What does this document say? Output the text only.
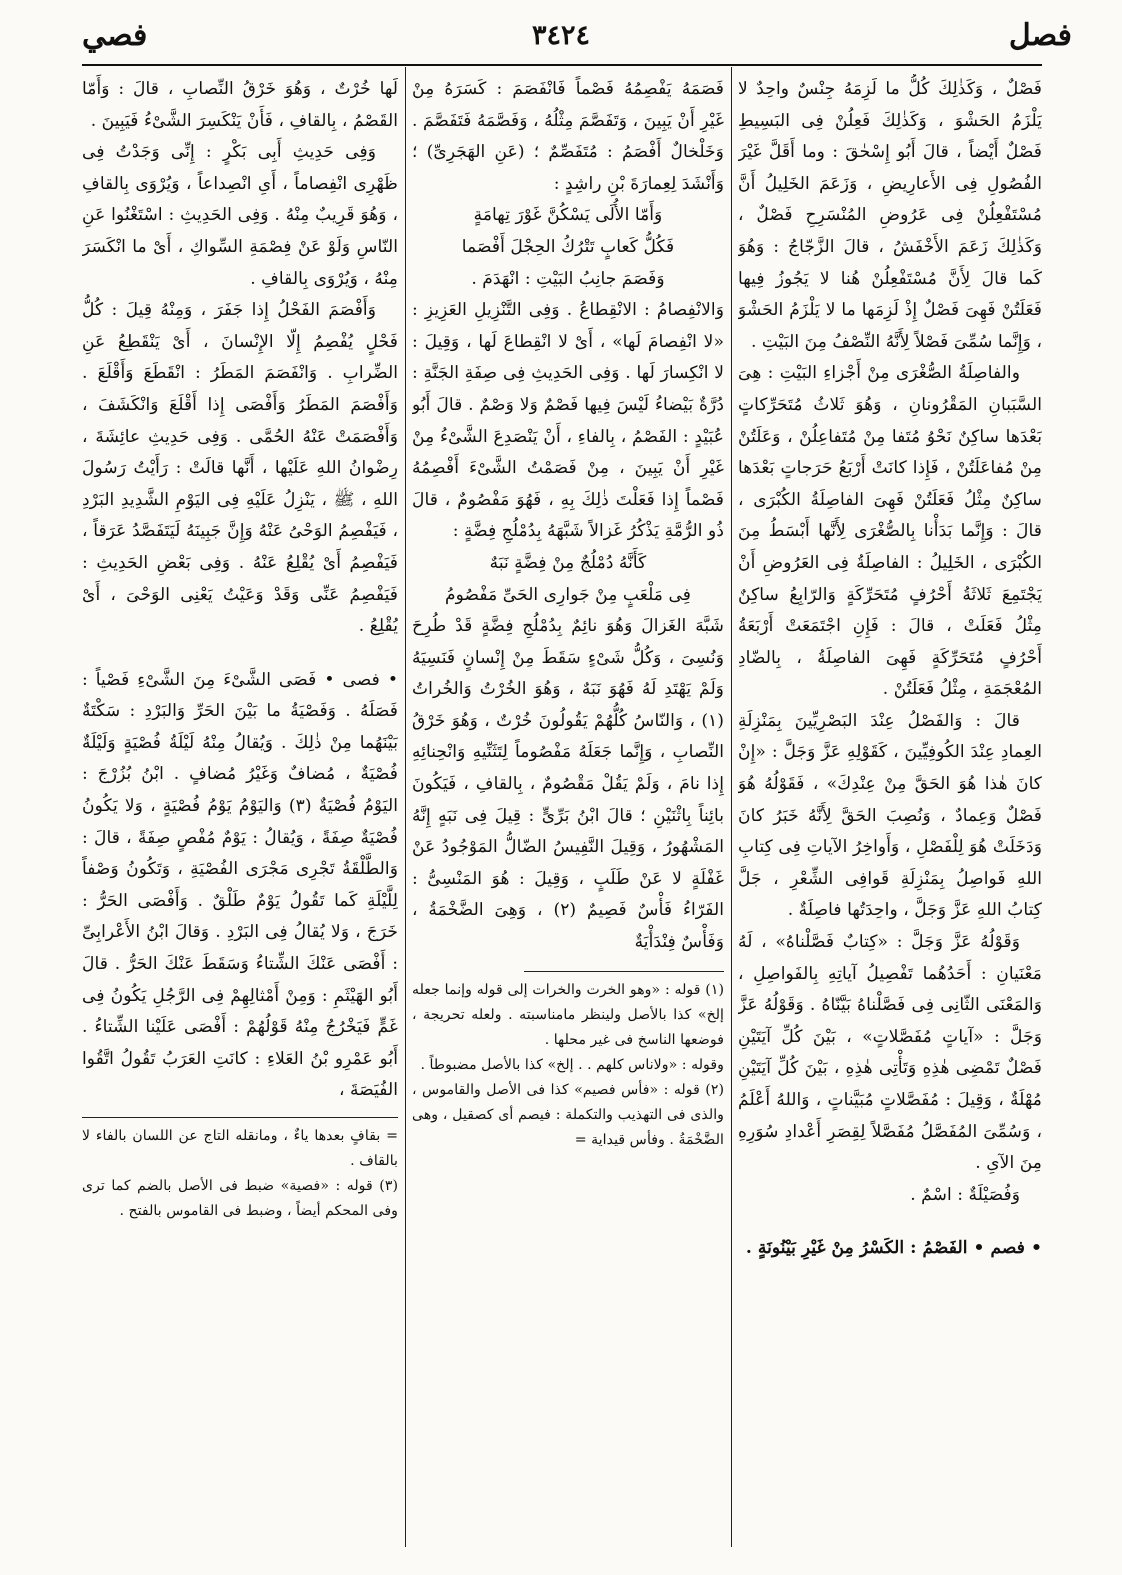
فصل
٣٤٢٤
فصي

فَصْلٌ ، وَكَذٰلِكَ كُلُّ ما لَزِمَهُ جِنْسٌ واحِدٌ لا يَلْزَمُ الحَشْوَ ، وَكَذٰلِكَ فَعِلُنْ فِى البَسِيطِ فَصْلٌ أَيْضاً ، قالَ أَبُو إِسْحٰقَ : وما أَقَلَّ غَيْرَ الفُصُولِ فِى الأَعارِيضِ ، وَزَعَمَ الخَلِيلُ أَنَّ مُسْتَفْعِلُنْ فِى عَرُوضِ المُنْسَرِحِ فَصْلٌ ، وَكَذٰلِكَ زَعَمَ الأَخْفَشُ ، قالَ الزَّجّاجُ : وَهُوَ كَما قالَ لِأَنَّ مُسْتَفْعِلُنْ هُنا لا يَجُوزُ فِيها فَعَلَتُنْ فَهِىَ فَصْلٌ إِذْ لَزِمَها ما لا يَلْزَمُ الحَشْوَ ، وَإِنَّما سُمِّىَ فَصْلاً لِأَنَّهُ النِّصْفُ مِنَ البَيْتِ .

والفاصِلَةُ الصُّغْرَى مِنْ أَجْزاءِ البَيْتِ : هِىَ السَّبَبانِ المَقْرُونانِ ، وَهُوَ ثَلاثُ مُتَحَرِّكاتٍ بَعْدَها ساكِنٌ نَحْوُ مُتَفا مِنْ مُتَفاعِلُنْ ، وَعَلَتُنْ مِنْ مُفاعَلَتُنْ ، فَإِذا كانَتْ أَرْبَعُ حَرَجاتٍ بَعْدَها ساكِنٌ مِثْلُ فَعَلَتُنْ فَهِىَ الفاصِلَةُ الكُبْرَى ، قالَ : وَإِنَّما بَدَأْنا بِالصُّغْرَى لِأَنَّها أَبْسَطُ مِنَ الكُبْرَى ، الخَلِيلُ : الفاصِلَةُ فِى العَرُوضِ أَنْ يَجْتَمِعَ ثَلاثَةُ أَحْرُفٍ مُتَحَرِّكَةٍ وَالرّابِعُ ساكِنٌ مِثْلُ فَعَلَتْ ، قالَ : فَإِنِ اجْتَمَعَتْ أَرْبَعَةُ أَحْرُفٍ مُتَحَرِّكَةٍ فَهِىَ الفاصِلَةُ ، بِالضّادِ المُعْجَمَةِ ، مِثْلُ فَعَلَتُنْ .

قالَ : وَالفَصْلُ عِنْدَ البَصْرِيِّينَ بِمَنْزِلَةِ العِمادِ عِنْدَ الكُوفِيِّينَ ، كَقَوْلِهِ عَزَّ وَجَلَّ : «إِنْ كانَ هٰذا هُوَ الحَقَّ مِنْ عِنْدِكَ» ، فَقَوْلُهُ هُوَ فَصْلٌ وَعِمادٌ ، وَنُصِبَ الحَقَّ لِأَنَّهُ خَبَرُ كانَ وَدَخَلَتْ هُوَ لِلْفَصْلِ ، وَأَواخِرُ الآياتِ فِى كِتابِ اللهِ فَواصِلُ بِمَنْزِلَةِ قَوافِى الشِّعْرِ ، جَلَّ كِتابُ اللهِ عَزَّ وَجَلَّ ، واحِدَتُها فاصِلَةٌ .

وَقَوْلُهُ عَزَّ وَجَلَّ : «كِتابٌ فَصَّلْناهُ» ، لَهُ مَعْنَيانِ : أَحَدُهُما تَفْصِيلُ آياتِهِ بِالفَواصِلِ ، وَالمَعْنَى الثّانِى فِى فَصَّلْناهُ بَيَّنّاهُ . وَقَوْلُهُ عَزَّ وَجَلَّ : «آياتٍ مُفَصَّلاتٍ» ، بَيْنَ كُلِّ آيَتَيْنِ فَصْلٌ تَمْضِى هٰذِهِ وَتَأْتِى هٰذِهِ ، بَيْنَ كُلِّ آيَتَيْنِ مُهْلَةٌ ، وَقِيلَ : مُفَصَّلاتٍ مُبَيَّناتٍ ، وَاللهُ أَعْلَمُ ، وَسُمِّىَ المُفَصَّلُ مُفَصَّلاً لِقِصَرِ أَعْدادِ سُوَرِهِ مِنَ الآىِ .

وَفُصَيْلَةٌ : اسْمٌ .

• فصم • الفَصْمُ : الكَسْرُ مِنْ غَيْرِ بَيْنُونَةٍ .

فَصَمَهُ يَفْصِمُهُ فَصْماً فَانْفَصَمَ : كَسَرَهُ مِنْ غَيْرِ أَنْ يَبِينَ ، وَتَفَصَّمَ مِثْلُهُ ، وَفَصَّمَهُ فَتَفَصَّمَ . وَخَلْخالٌ أَفْصَمُ : مُتَفَصِّمٌ ؛ (عَنِ الهَجَرِىِّ) ؛ وَأَنْشَدَ لِعِمارَةَ بْنِ راشِدٍ :

وَأَمّا الأُلَى يَسْكُنَّ غَوْرَ تِهامَةٍ

فَكُلُّ كَعابٍ تَتْرُكُ الحِجْلَ أَفْصَما

وَفَصَمَ جانِبُ البَيْتِ : انْهَدَمَ .

وَالانْفِصامُ : الانْقِطاعُ . وَفِى التَّنْزِيلِ العَزِيزِ : «لا انْفِصامَ لَها» ، أَىْ لا انْقِطاعَ لَها ، وَقِيلَ : لا انْكِسارَ لَها . وَفِى الحَدِيثِ فِى صِفَةِ الجَنَّةِ : دُرَّةٌ بَيْضاءُ لَيْسَ فِيها فَصْمٌ وَلا وَصْمٌ . قالَ أَبُو عُبَيْدٍ : الفَصْمُ ، بِالفاءِ ، أَنْ يَنْصَدِعَ الشَّىْءُ مِنْ غَيْرِ أَنْ يَبِينَ ، مِنْ فَصَمْتُ الشَّىْءَ أَفْصِمُهُ فَصْماً إِذا فَعَلْتَ ذٰلِكَ بِهِ ، فَهُوَ مَفْصُومٌ ، قالَ ذُو الرُّمَّةِ يَذْكُرُ غَزالاً شَبَّهَهُ بِدُمْلُجِ فِضَّةٍ :

كَأَنَّهُ دُمْلُجٌ مِنْ فِضَّةٍ نَبَهٌ

فِى مَلْعَبٍ مِنْ جَوارِى الحَىِّ مَفْصُومُ

شَبَّهَ الغَزالَ وَهُوَ نائِمٌ بِدُمْلُجِ فِضَّةٍ قَدْ طُرِحَ وَنُسِىَ ، وَكُلُّ شَىْءٍ سَقَطَ مِنْ إِنْسانٍ فَنَسِيَهُ وَلَمْ يَهْتَدِ لَهُ فَهُوَ نَبَهٌ ، وَهُوَ الخُرْتُ وَالخُراتُ (١) ، وَالنّاسُ كُلُّهُمْ يَقُولُونَ خُرْتٌ ، وَهُوَ خَرْقُ النِّصابِ ، وَإِنَّما جَعَلَهُ مَفْصُوماً لِتَثَنِّيهِ وَانْحِنائِهِ إِذا نامَ ، وَلَمْ يَقُلْ مَقْصُومٌ ، بِالقافِ ، فَيَكُونَ بائِناً بِاثْنَيْنِ ؛ قالَ ابْنُ بَرِّىٍّ : قِيلَ فِى نَبَهٍ إِنَّهُ المَشْهُورُ ، وَقِيلَ النَّفِيسُ الضّالُّ المَوْجُودُ عَنْ غَفْلَةٍ لا عَنْ طَلَبٍ ، وَقِيلَ : هُوَ المَنْسِىُّ : الفَرّاءُ فَأْسٌ فَصِيمٌ (٢) ، وَهِىَ الضَّخْمَةُ ، وَفَأْسٌ فِنْدَأْيَةٌ

(١) قوله : «وهو الخرت والخرات إلى قوله وإنما جعله إلخ» كذا بالأصل ولينظر مامناسبته . ولعله تحريجة ، فوضعها الناسخ فى غير محلها .

وقوله : «ولاناس كلهم . . إلخ» كذا بالأصل مضبوطاً .

(٢) قوله : «فأس فصيم» كذا فى الأصل والقاموس ، والذى فى التهذيب والتكملة : فيصم أى كصقيل ، وهى الضَّخْمَةُ . وفأس قيداية =

لَها خُرْتٌ ، وَهُوَ خَرْقُ النِّصابِ ، قالَ : وَأَمّا القَصْمُ ، بِالقافِ ، فَأَنْ يَنْكَسِرَ الشَّىْءُ فَيَبِينَ .

وَفِى حَدِيثِ أَبِى بَكْرٍ : إِنِّى وَجَدْتُ فِى ظَهْرِى انْفِصاماً ، أَىِ انْصِداعاً ، وَيُرْوَى بِالقافِ ، وَهُوَ قَرِيبٌ مِنْهُ . وَفِى الحَدِيثِ : اسْتَغْنُوا عَنِ النّاسِ وَلَوْ عَنْ فِصْمَةِ السِّواكِ ، أَىْ ما انْكَسَرَ مِنْهُ ، وَيُرْوَى بِالقافِ .

وَأَفْصَمَ الفَحْلُ إِذا جَفَرَ ، وَمِنْهُ قِيلَ : كُلُّ فَحْلٍ يُفْصِمُ إِلّا الإِنْسانَ ، أَىْ يَنْقَطِعُ عَنِ الضِّرابِ . وَانْفَصَمَ المَطَرُ : انْقَطَعَ وَأَقْلَعَ . وَأَفْصَمَ المَطَرُ وَأَفْصَى إِذا أَقْلَعَ وَانْكَشَفَ ، وَأَفْصَمَتْ عَنْهُ الحُمَّى . وَفِى حَدِيثِ عائِشَةَ ، رِضْوانُ اللهِ عَلَيْها ، أَنَّها قالَتْ : رَأَيْتُ رَسُولَ اللهِ ، ﷺ ، يَنْزِلُ عَلَيْهِ فِى اليَوْمِ الشَّدِيدِ البَرْدِ ، فَيَفْصِمُ الوَحْىُ عَنْهُ وَإِنَّ جَبِينَهُ لَيَتَفَصَّدُ عَرَقاً ، فَيَفْصِمُ أَىْ يُقْلِعُ عَنْهُ . وَفِى بَعْضِ الحَدِيثِ : فَيَفْصِمُ عَنِّى وَقَدْ وَعَيْتُ يَعْنِى الوَحْىَ ، أَىْ يُقْلِعُ .

• فصى • فَصَى الشَّىْءَ مِنَ الشَّىْءِ فَصْياً : فَصَلَهُ . وَفَصْيَةُ ما بَيْنَ الحَرِّ وَالبَرْدِ : سَكْتَةٌ بَيْنَهُما مِنْ ذٰلِكَ . وَيُقالُ مِنْهُ لَيْلَةُ فُصْيَةٍ وَلَيْلَةٌ فُصْيَةٌ ، مُضافٌ وَغَيْرُ مُضافٍ . ابْنُ بُزُرْجَ : اليَوْمُ فُصْيَةٌ (٣) وَاليَوْمُ يَوْمُ فُصْيَةٍ ، وَلا يَكُونُ فُصْيَةٌ صِفَةً ، وَيُقالُ : يَوْمٌ مُفْصٍ صِفَةً ، قالَ : وَالطَّلْقَةُ تَجْرِى مَجْرَى الفُصْيَةِ ، وَتَكُونُ وَصْفاً لِلَّيْلَةِ كَما تَقُولُ يَوْمٌ طَلْقٌ . وَأَفْصَى الحَرُّ : خَرَجَ ، وَلا يُقالُ فِى البَرْدِ . وَقالَ ابْنُ الأَعْرابِىِّ : أَفْصَى عَنْكَ الشِّتاءُ وَسَقَطَ عَنْكَ الحَرُّ . قالَ أَبُو الهَيْثَمِ : وَمِنْ أَمْثالِهِمْ فِى الرَّجُلِ يَكُونُ فِى غَمٍّ فَيَخْرُجُ مِنْهُ قَوْلُهُمْ : أَفْصَى عَلَيْنا الشِّتاءُ . أَبُو عَمْرِو بْنُ العَلاءِ : كانَتِ العَرَبُ تَقُولُ اتَّقُوا الفُيَصَةَ ،

= بقافٍ بعدها ياءٌ ، ومانقله التاج عن اللسان بالفاء لا بالقاف .

(٣) قوله : «فصية» ضبط فى الأصل بالضم كما ترى وفى المحكم أيضاً ، وضبط فى القاموس بالفتح .
